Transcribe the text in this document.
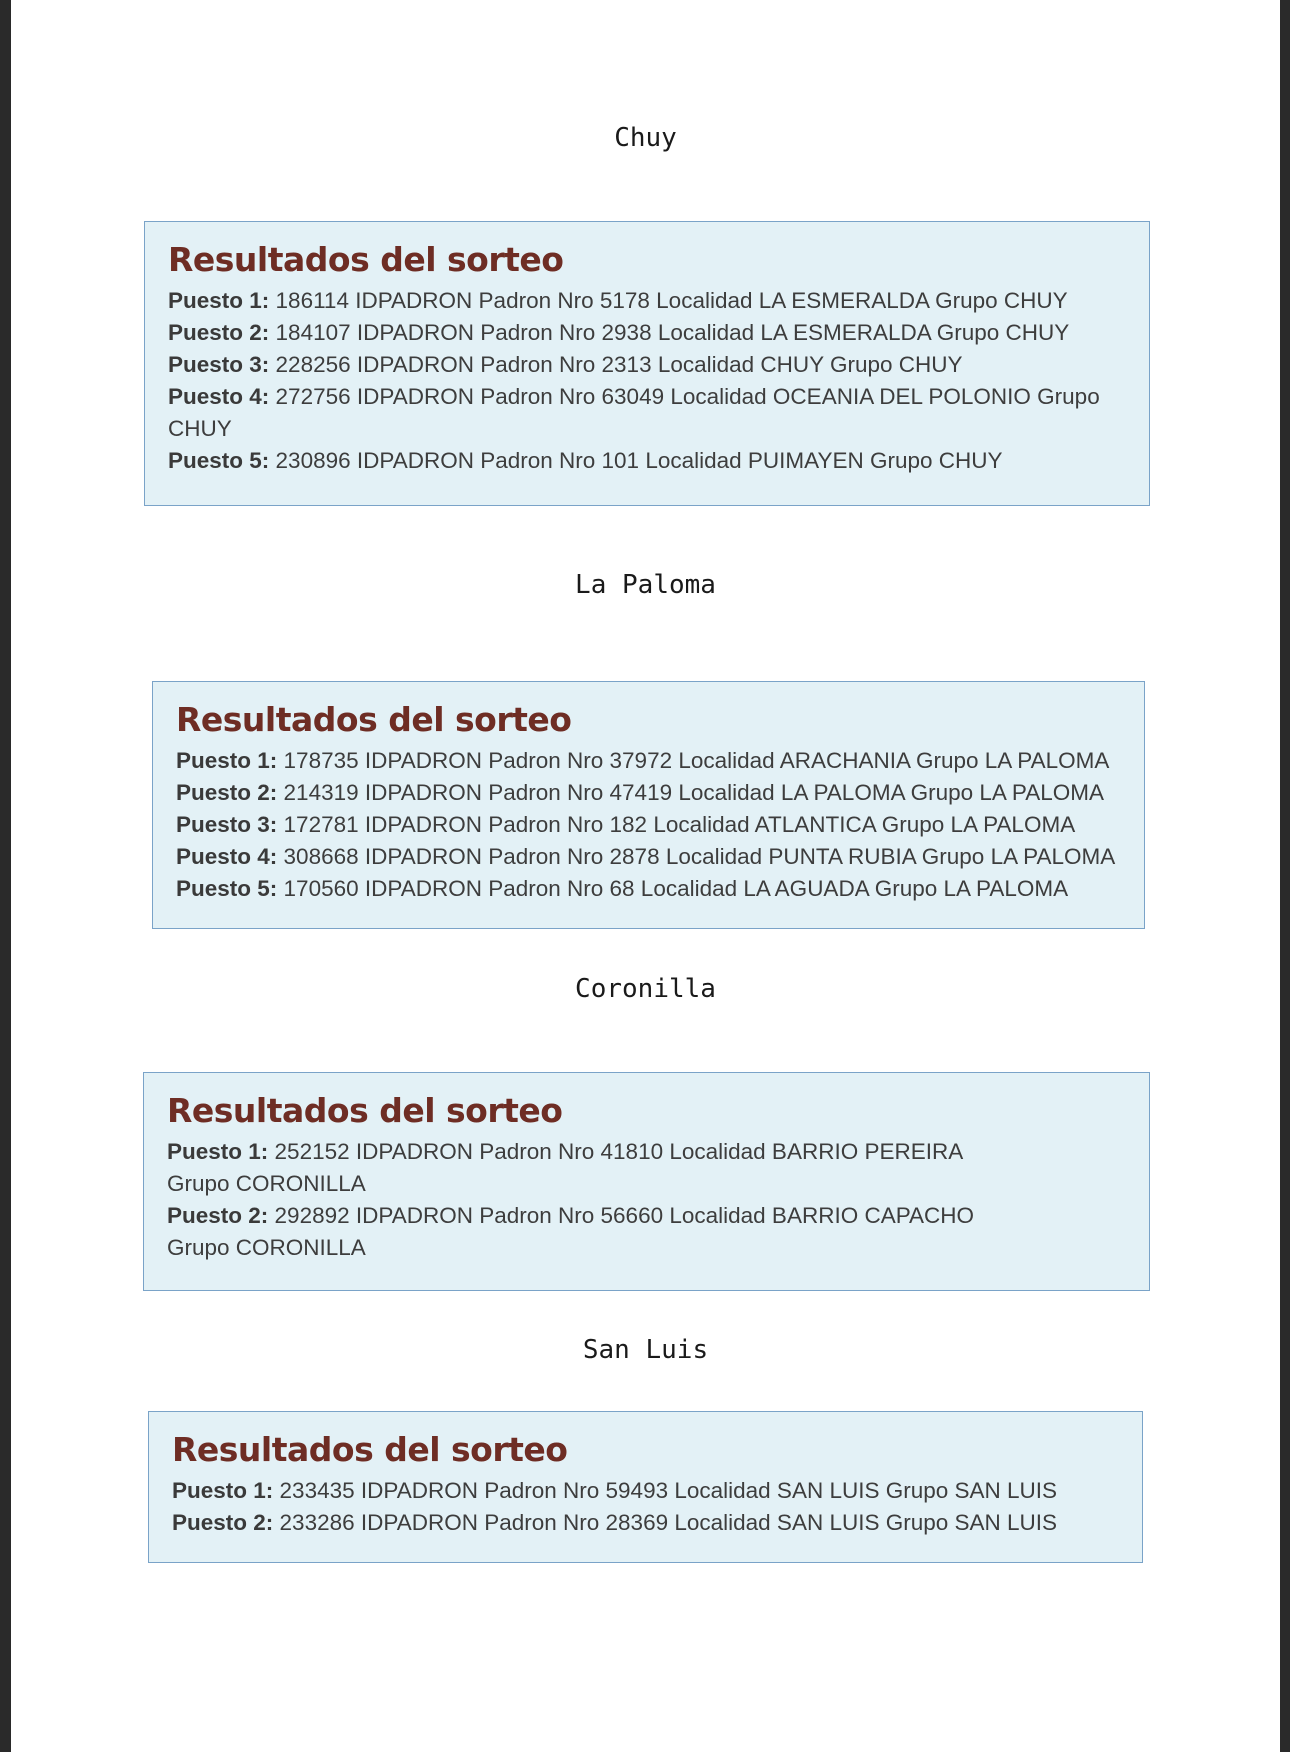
Chuy
Resultados del sorteo
Puesto 1: 186114 IDPADRON Padron Nro 5178 Localidad LA ESMERALDA Grupo CHUY
Puesto 2: 184107 IDPADRON Padron Nro 2938 Localidad LA ESMERALDA Grupo CHUY
Puesto 3: 228256 IDPADRON Padron Nro 2313 Localidad CHUY Grupo CHUY
Puesto 4: 272756 IDPADRON Padron Nro 63049 Localidad OCEANIA DEL POLONIO Grupo CHUY
Puesto 5: 230896 IDPADRON Padron Nro 101 Localidad PUIMAYEN Grupo CHUY
La Paloma
Resultados del sorteo
Puesto 1: 178735 IDPADRON Padron Nro 37972 Localidad ARACHANIA Grupo LA PALOMA
Puesto 2: 214319 IDPADRON Padron Nro 47419 Localidad LA PALOMA Grupo LA PALOMA
Puesto 3: 172781 IDPADRON Padron Nro 182 Localidad ATLANTICA Grupo LA PALOMA
Puesto 4: 308668 IDPADRON Padron Nro 2878 Localidad PUNTA RUBIA Grupo LA PALOMA
Puesto 5: 170560 IDPADRON Padron Nro 68 Localidad LA AGUADA Grupo LA PALOMA
Coronilla
Resultados del sorteo
Puesto 1: 252152 IDPADRON Padron Nro 41810 Localidad BARRIO PEREIRA Grupo CORONILLA
Puesto 2: 292892 IDPADRON Padron Nro 56660 Localidad BARRIO CAPACHO Grupo CORONILLA
San Luis
Resultados del sorteo
Puesto 1: 233435 IDPADRON Padron Nro 59493 Localidad SAN LUIS Grupo SAN LUIS
Puesto 2: 233286 IDPADRON Padron Nro 28369 Localidad SAN LUIS Grupo SAN LUIS
